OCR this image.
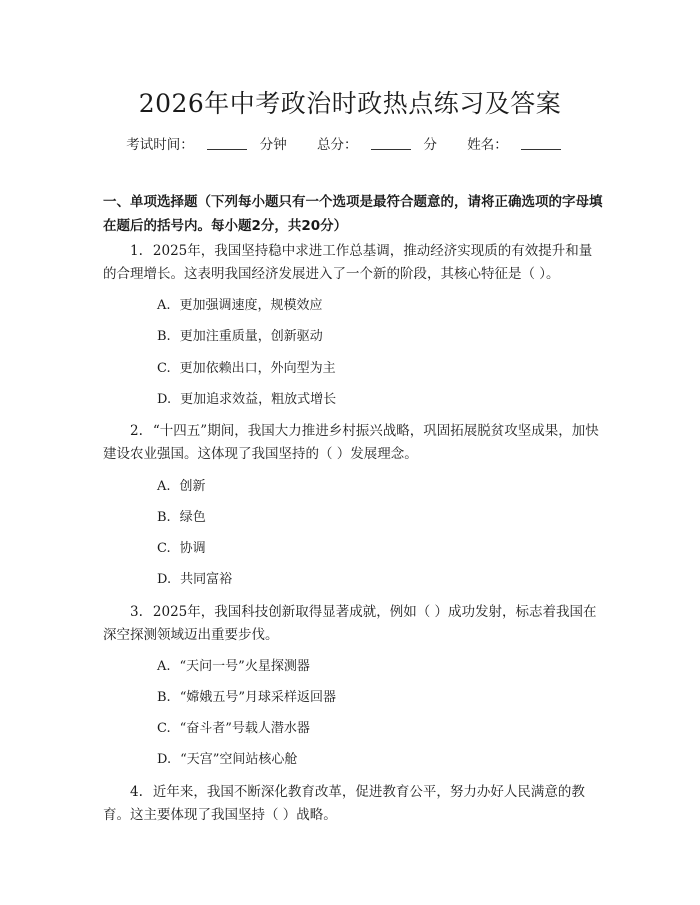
2026年中考政治时政热点练习及答案
考试时间：	分钟 总分：	分 姓名：
一、单项选择题（下列每小题只有一个选项是最符合题意的，请将正确选项的字母填在题后的括号内。每小题2分，共20分）
1. 2025年，我国坚持稳中求进工作总基调，推动经济实现质的有效提升和量的合理增长。这表明我国经济发展进入了一个新的阶段，其核心特征是（ ）。
A. 更加强调速度，规模效应
B. 更加注重质量，创新驱动
C. 更加依赖出口，外向型为主
D. 更加追求效益，粗放式增长
2. “十四五”期间，我国大力推进乡村振兴战略，巩固拓展脱贫攻坚成果，加快建设农业强国。这体现了我国坚持的（ ）发展理念。
A. 创新
B. 绿色
C. 协调
D. 共同富裕
3. 2025年，我国科技创新取得显著成就，例如（ ）成功发射，标志着我国在深空探测领域迈出重要步伐。
A. “天问一号”火星探测器
B. “嫦娥五号”月球采样返回器
C. “奋斗者”号载人潜水器
D. “天宫”空间站核心舱
4. 近年来，我国不断深化教育改革，促进教育公平，努力办好人民满意的教育。这主要体现了我国坚持（ ）战略。
